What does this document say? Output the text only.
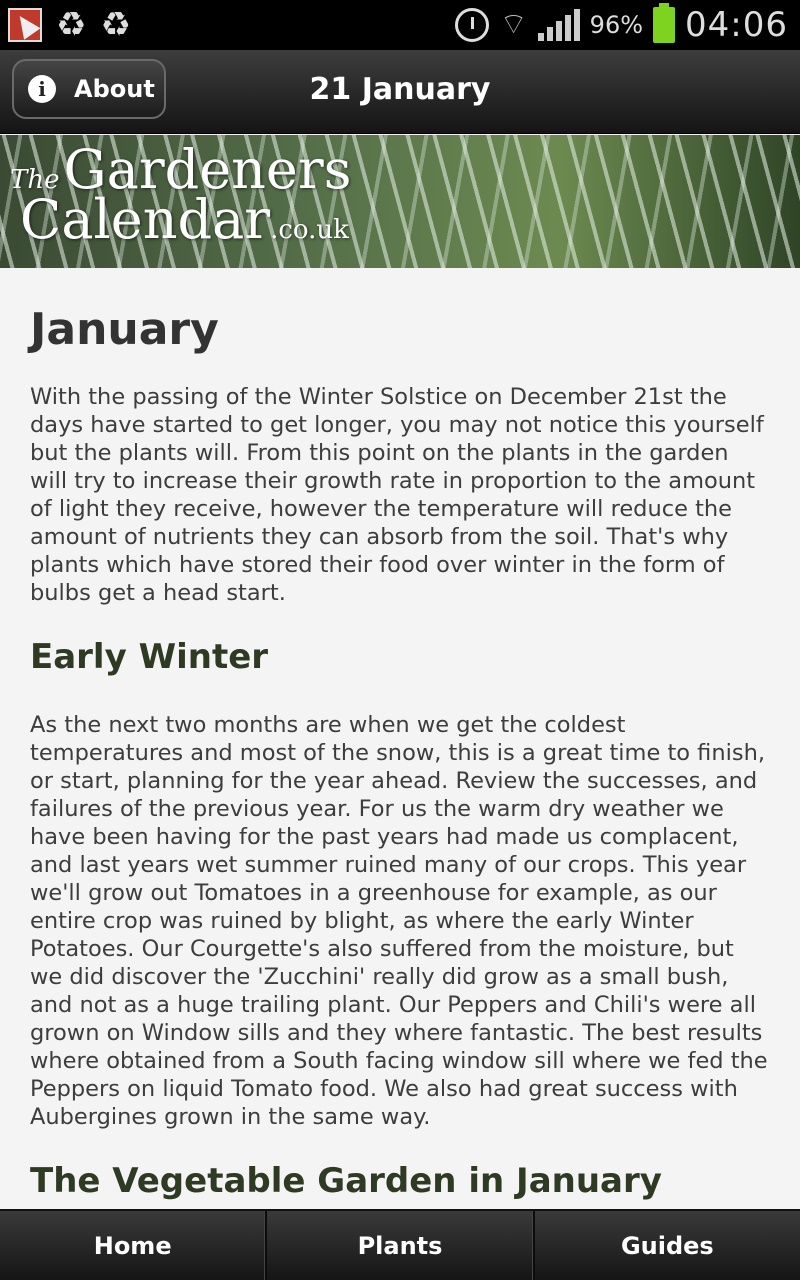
♻ ♻	⌔	96% 04:06
21 January
i	About
The Gardeners
Calendar .co.uk
January

With the passing of the Winter Solstice on December 21st the days have started to get longer, you may not notice this yourself but the plants will. From this point on the plants in the garden will try to increase their growth rate in proportion to the amount of light they receive, however the temperature will reduce the amount of nutrients they can absorb from the soil. That's why plants which have stored their food over winter in the form of bulbs get a head start.

Early Winter

As the next two months are when we get the coldest temperatures and most of the snow, this is a great time to finish, or start, planning for the year ahead. Review the successes, and failures of the previous year. For us the warm dry weather we have been having for the past years had made us complacent, and last years wet summer ruined many of our crops. This year we'll grow out Tomatoes in a greenhouse for example, as our entire crop was ruined by blight, as where the early Winter Potatoes. Our Courgette's also suffered from the moisture, but we did discover the 'Zucchini' really did grow as a small bush, and not as a huge trailing plant. Our Peppers and Chili's were all grown on Window sills and they where fantastic. The best results where obtained from a South facing window sill where we fed the Peppers on liquid Tomato food. We also had great success with Aubergines grown in the same way.

The Vegetable Garden in January

Home	Plants	Guides
